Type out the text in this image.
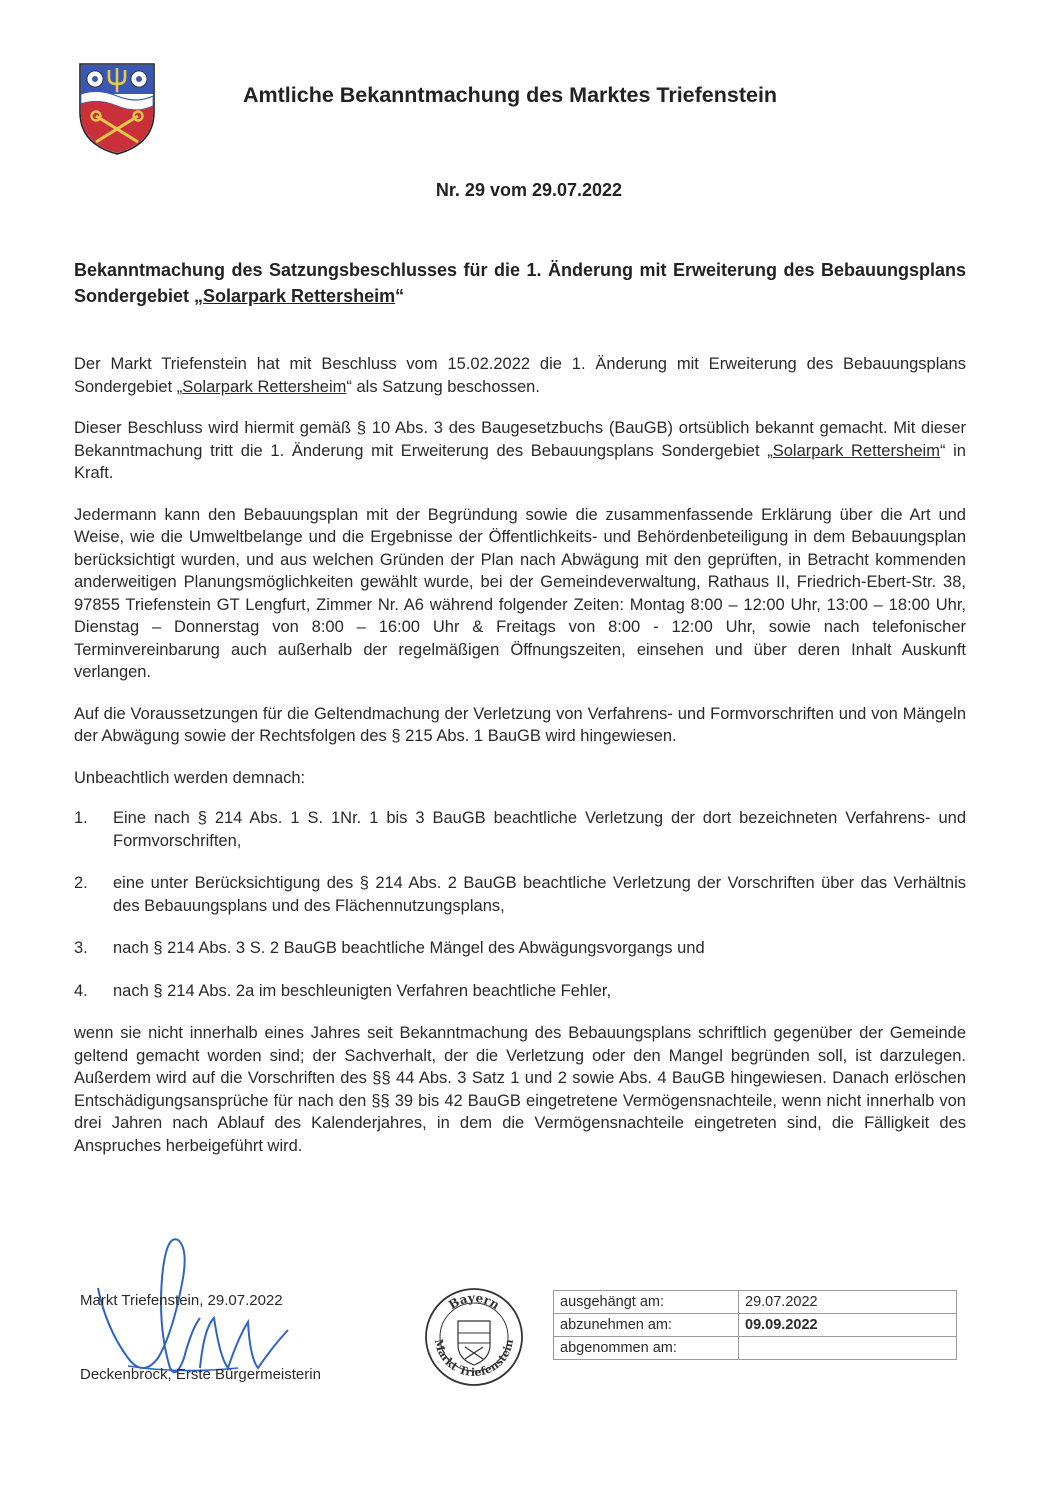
Amtliche Bekanntmachung des Marktes Triefenstein
Nr. 29 vom 29.07.2022
Bekanntmachung des Satzungsbeschlusses für die 1. Änderung mit Erweiterung des Bebauungsplans Sondergebiet „Solarpark Rettersheim“

Der Markt Triefenstein hat mit Beschluss vom 15.02.2022 die 1. Änderung mit Erweiterung des Bebauungsplans Sondergebiet „Solarpark Rettersheim“ als Satzung beschossen.

Dieser Beschluss wird hiermit gemäß § 10 Abs. 3 des Baugesetzbuchs (BauGB) ortsüblich bekannt gemacht. Mit dieser Bekanntmachung tritt die 1. Änderung mit Erweiterung des Bebauungsplans Sondergebiet „Solarpark Rettersheim“ in Kraft.

Jedermann kann den Bebauungsplan mit der Begründung sowie die zusammenfassende Erklärung über die Art und Weise, wie die Umweltbelange und die Ergebnisse der Öffentlichkeits- und Behördenbeteiligung in dem Bebauungsplan berücksichtigt wurden, und aus welchen Gründen der Plan nach Abwägung mit den geprüften, in Betracht kommenden anderweitigen Planungsmöglichkeiten gewählt wurde, bei der Gemeindeverwaltung, Rathaus II, Friedrich-Ebert-Str. 38, 97855 Triefenstein GT Lengfurt, Zimmer Nr. A6 während folgender Zeiten: Montag 8:00 – 12:00 Uhr, 13:00 – 18:00 Uhr, Dienstag – Donnerstag von 8:00 – 16:00 Uhr & Freitags von 8:00 - 12:00 Uhr, sowie nach telefonischer Terminvereinbarung auch außerhalb der regelmäßigen Öffnungszeiten, einsehen und über deren Inhalt Auskunft verlangen.

Auf die Voraussetzungen für die Geltendmachung der Verletzung von Verfahrens- und Formvorschriften und von Mängeln der Abwägung sowie der Rechtsfolgen des § 215 Abs. 1 BauGB wird hingewiesen.

Unbeachtlich werden demnach:

1. Eine nach § 214 Abs. 1 S. 1Nr. 1 bis 3 BauGB beachtliche Verletzung der dort bezeichneten Verfahrens- und Formvorschriften,
2. eine unter Berücksichtigung des § 214 Abs. 2 BauGB beachtliche Verletzung der Vorschriften über das Verhältnis des Bebauungsplans und des Flächennutzungsplans,
3. nach § 214 Abs. 3 S. 2 BauGB beachtliche Mängel des Abwägungsvorgangs und
4. nach § 214 Abs. 2a im beschleunigten Verfahren beachtliche Fehler,

wenn sie nicht innerhalb eines Jahres seit Bekanntmachung des Bebauungsplans schriftlich gegenüber der Gemeinde geltend gemacht worden sind; der Sachverhalt, der die Verletzung oder den Mangel begründen soll, ist darzulegen. Außerdem wird auf die Vorschriften des §§ 44 Abs. 3 Satz 1 und 2 sowie Abs. 4 BauGB hingewiesen. Danach erlöschen Entschädigungsansprüche für nach den §§ 39 bis 42 BauGB eingetretene Vermögensnachteile, wenn nicht innerhalb von drei Jahren nach Ablauf des Kalenderjahres, in dem die Vermögensnachteile eingetreten sind, die Fälligkeit des Anspruches herbeigeführt wird.

Markt Triefenstein, 29.07.2022
Deckenbrock, Erste Bürgermeisterin
Bayern
Markt Triefenstein
ausgehängt am:	29.07.2022
abzunehmen am:	09.09.2022
abgenommen am:	
